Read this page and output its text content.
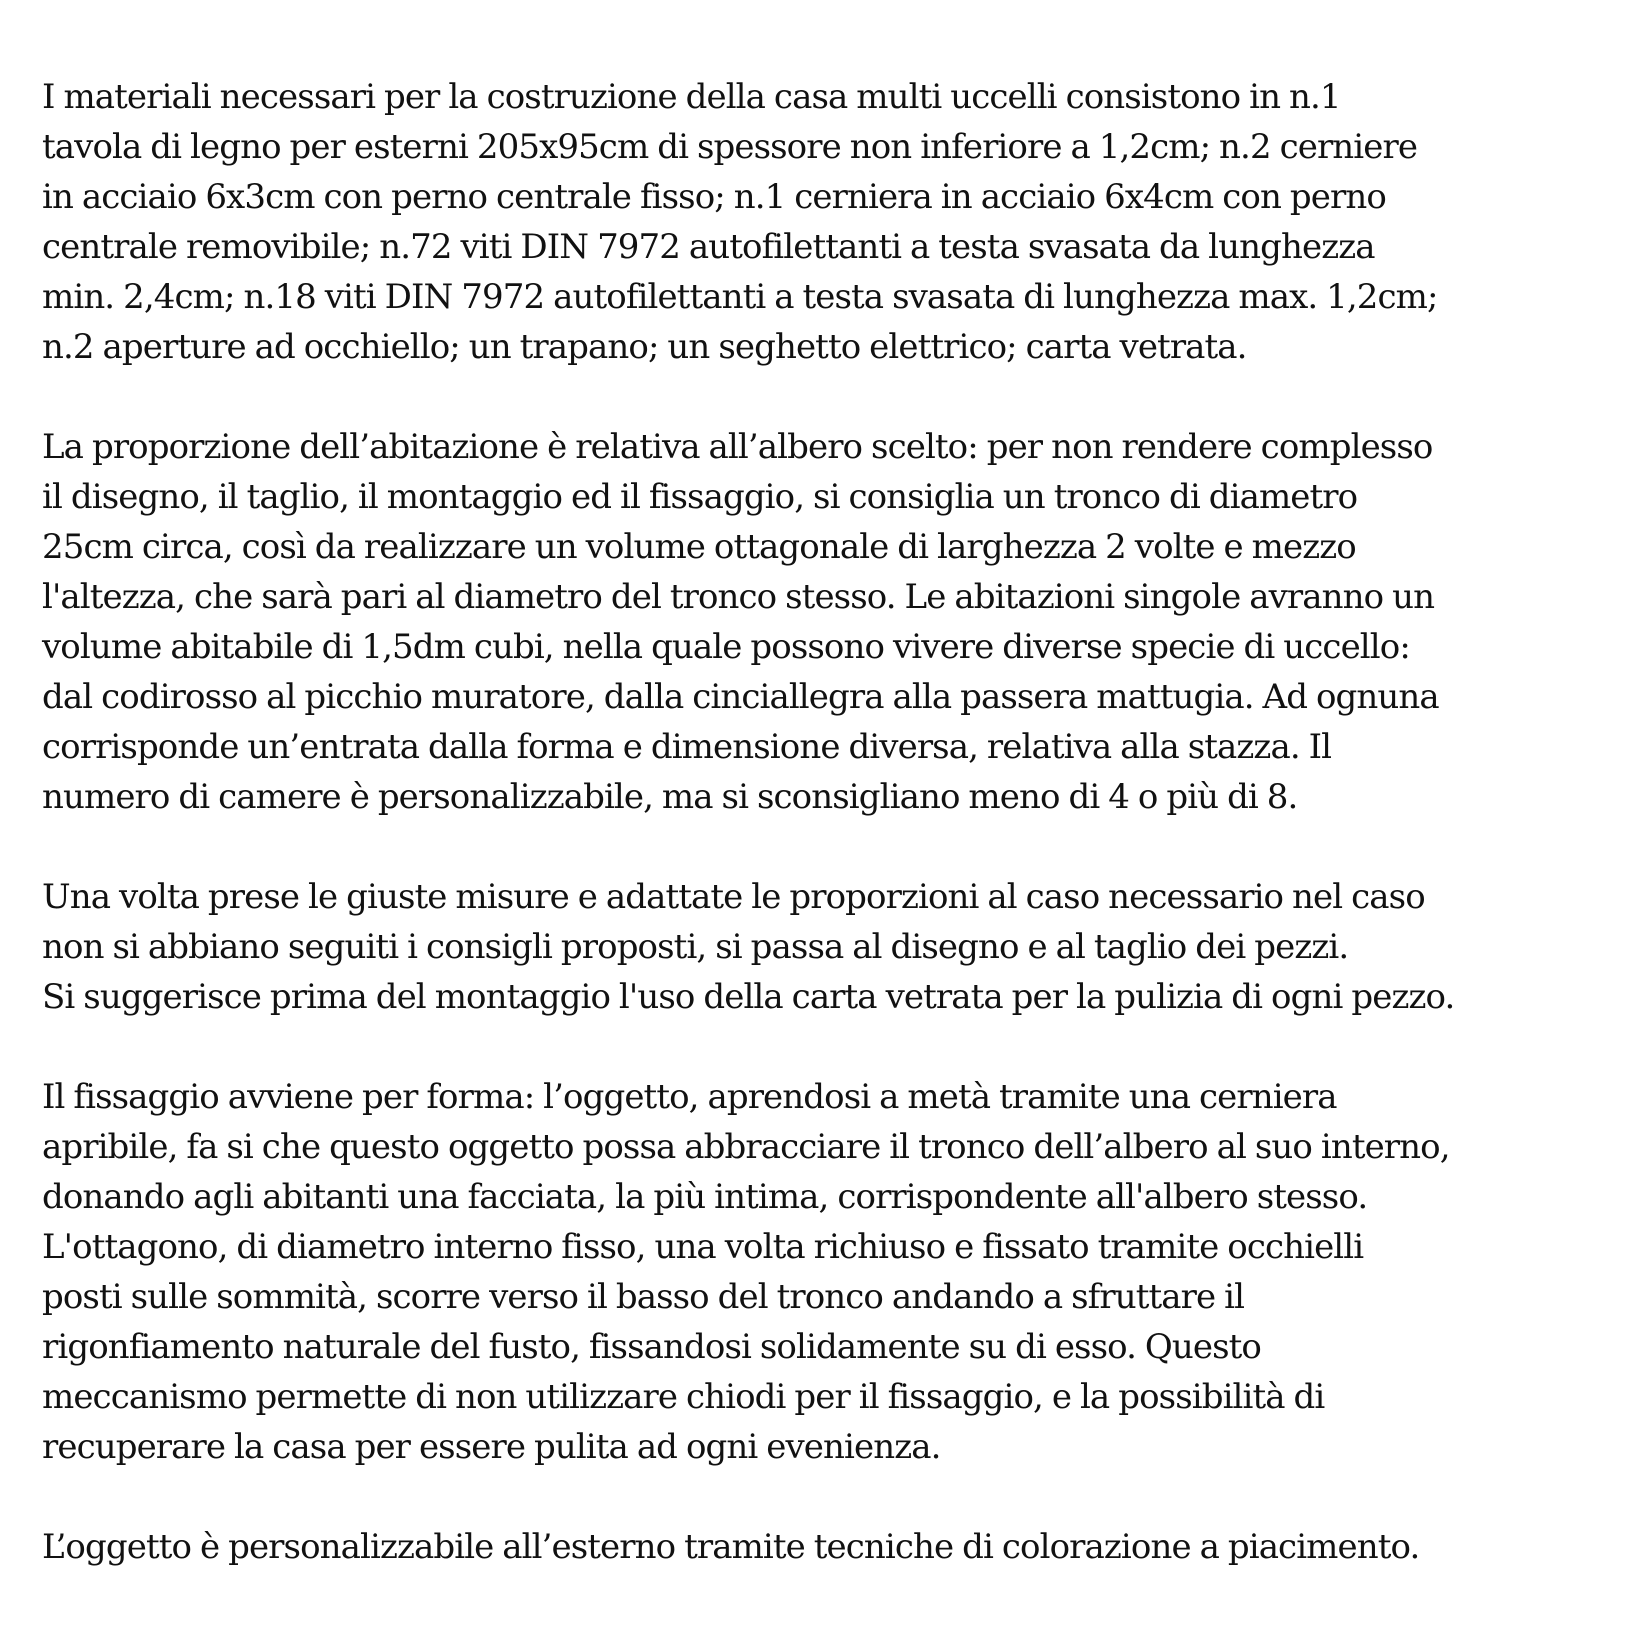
I materiali necessari per la costruzione della casa multi uccelli consistono in n.1
tavola di legno per esterni 205x95cm di spessore non inferiore a 1,2cm; n.2 cerniere
in acciaio 6x3cm con perno centrale fisso; n.1 cerniera in acciaio 6x4cm con perno
centrale removibile; n.72 viti DIN 7972 autofilettanti a testa svasata da lunghezza
min. 2,4cm; n.18 viti DIN 7972 autofilettanti a testa svasata di lunghezza max. 1,2cm;
n.2 aperture ad occhiello; un trapano; un seghetto elettrico; carta vetrata.

La proporzione dell’abitazione è relativa all’albero scelto: per non rendere complesso
il disegno, il taglio, il montaggio ed il fissaggio, si consiglia un tronco di diametro
25cm circa, così da realizzare un volume ottagonale di larghezza 2 volte e mezzo
l'altezza, che sarà pari al diametro del tronco stesso. Le abitazioni singole avranno un
volume abitabile di 1,5dm cubi, nella quale possono vivere diverse specie di uccello:
dal codirosso al picchio muratore, dalla cinciallegra alla passera mattugia. Ad ognuna
corrisponde un’entrata dalla forma e dimensione diversa, relativa alla stazza. Il
numero di camere è personalizzabile, ma si sconsigliano meno di 4 o più di 8.

Una volta prese le giuste misure e adattate le proporzioni al caso necessario nel caso
non si abbiano seguiti i consigli proposti, si passa al disegno e al taglio dei pezzi.
Si suggerisce prima del montaggio l'uso della carta vetrata per la pulizia di ogni pezzo.

Il fissaggio avviene per forma: l’oggetto, aprendosi a metà tramite una cerniera
apribile, fa si che questo oggetto possa abbracciare il tronco dell’albero al suo interno,
donando agli abitanti una facciata, la più intima, corrispondente all'albero stesso.
L'ottagono, di diametro interno fisso, una volta richiuso e fissato tramite occhielli
posti sulle sommità, scorre verso il basso del tronco andando a sfruttare il
rigonfiamento naturale del fusto, fissandosi solidamente su di esso. Questo
meccanismo permette di non utilizzare chiodi per il fissaggio, e la possibilità di
recuperare la casa per essere pulita ad ogni evenienza.

L’oggetto è personalizzabile all’esterno tramite tecniche di colorazione a piacimento.
